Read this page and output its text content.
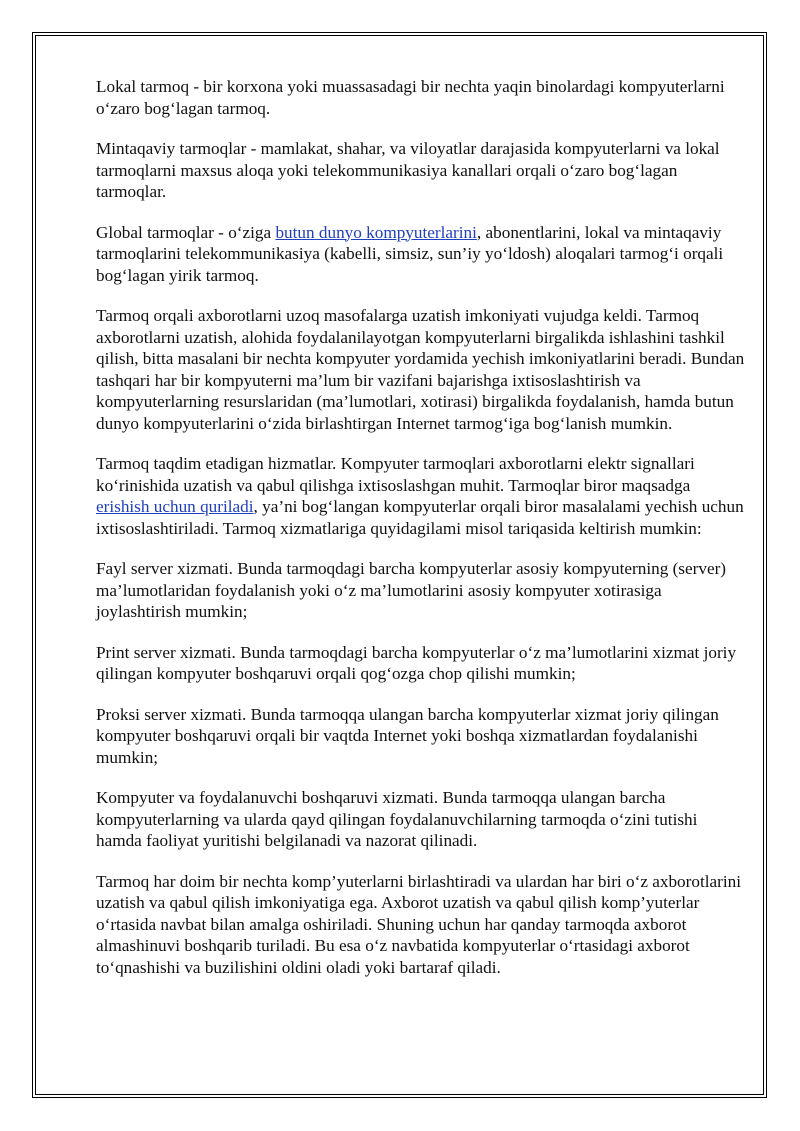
Lokal tarmoq - bir korxona yoki muassasadagi bir nechta yaqin binolardagi kompyuterlarni o‘zaro bog‘lagan tarmoq.

Mintaqaviy tarmoqlar - mamlakat, shahar, va viloyatlar darajasida kompyuterlarni va lokal tarmoqlarni maxsus aloqa yoki telekommunikasiya kanallari orqali o‘zaro bog‘lagan tarmoqlar.

Global tarmoqlar - o‘ziga butun dunyo kompyuterlarini, abonentlarini, lokal va mintaqaviy tarmoqlarini telekommunikasiya (kabelli, simsiz, sun’iy yo‘ldosh) aloqalari tarmog‘i orqali bog‘lagan yirik tarmoq.

Tarmoq orqali axborotlarni uzoq masofalarga uzatish imkoniyati vujudga keldi. Tarmoq axborotlarni uzatish, alohida foydalanilayotgan kompyuterlarni birgalikda ishlashini tashkil qilish, bitta masalani bir nechta kompyuter yordamida yechish imkoniyatlarini beradi. Bundan tashqari har bir kompyuterni ma’lum bir vazifani bajarishga ixtisoslashtirish va kompyuterlarning resurslaridan (ma’lumotlari, xotirasi) birgalikda foydalanish, hamda butun dunyo kompyuterlarini o‘zida birlashtirgan Internet tarmog‘iga bog‘lanish mumkin.

Tarmoq taqdim etadigan hizmatlar. Kompyuter tarmoqlari axborotlarni elektr signallari ko‘rinishida uzatish va qabul qilishga ixtisoslashgan muhit. Tarmoqlar biror maqsadga erishish uchun quriladi, ya’ni bog‘langan kompyuterlar orqali biror masalalami yechish uchun ixtisoslashtiriladi. Tarmoq xizmatlariga quyidagilami misol tariqasida keltirish mumkin:

Fayl server xizmati. Bunda tarmoqdagi barcha kompyuterlar asosiy kompyuterning (server) ma’lumotlaridan foydalanish yoki o‘z ma’lumotlarini asosiy kompyuter xotirasiga joylashtirish mumkin;

Print server xizmati. Bunda tarmoqdagi barcha kompyuterlar o‘z ma’lumotlarini xizmat joriy qilingan kompyuter boshqaruvi orqali qog‘ozga chop qilishi mumkin;

Proksi server xizmati. Bunda tarmoqqa ulangan barcha kompyuterlar xizmat joriy qilingan kompyuter boshqaruvi orqali bir vaqtda Internet yoki boshqa xizmatlardan foydalanishi mumkin;

Kompyuter va foydalanuvchi boshqaruvi xizmati. Bunda tarmoqqa ulangan barcha kompyuterlarning va ularda qayd qilingan foydalanuvchilarning tarmoqda o‘zini tutishi hamda faoliyat yuritishi belgilanadi va nazorat qilinadi.

Tarmoq har doim bir nechta komp’yuterlarni birlashtiradi va ulardan har biri o‘z axborotlarini uzatish va qabul qilish imkoniyatiga ega. Axborot uzatish va qabul qilish komp’yuterlar o‘rtasida navbat bilan amalga oshiriladi. Shuning uchun har qanday tarmoqda axborot almashinuvi boshqarib turiladi. Bu esa o‘z navbatida kompyuterlar o‘rtasidagi axborot to‘qnashishi va buzilishini oldini oladi yoki bartaraf qiladi.
